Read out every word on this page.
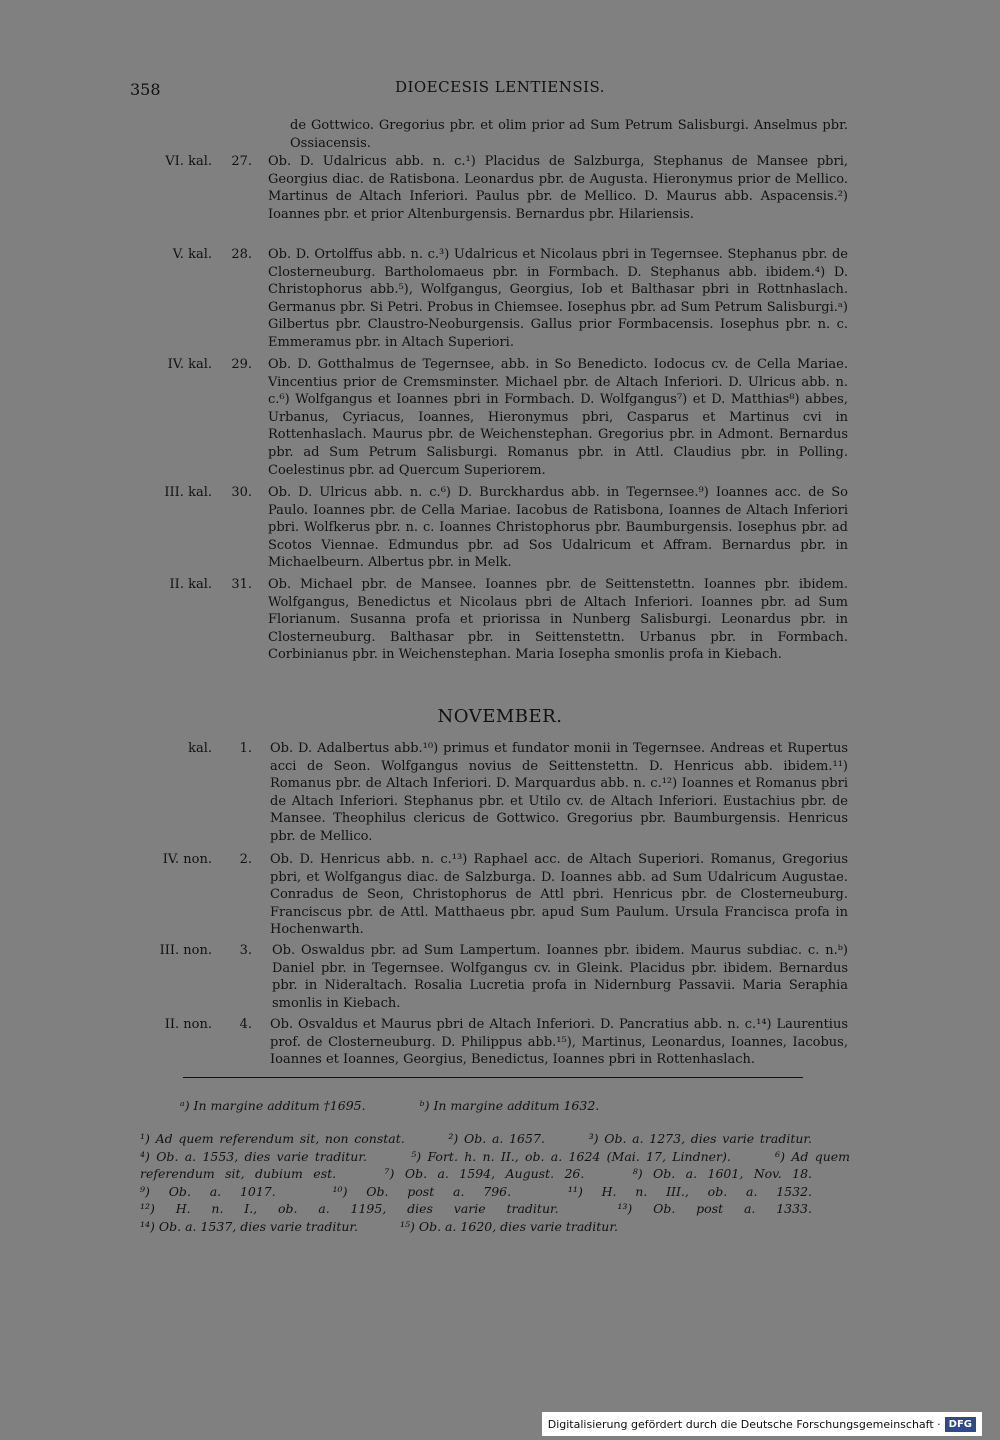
358	DIOECESIS LENTIENSIS.
de Gottwico. Gregorius pbr. et olim prior ad Sum Petrum Salisburgi. Anselmus pbr. Ossiacensis.
VI. kal.	27. Ob. D. Udalricus abb. n. c.¹) Placidus de Salzburga, Stephanus de Mansee pbri, Georgius diac. de Ratisbona. Leonardus pbr. de Augusta. Hieronymus prior de Mellico. Martinus de Altach Inferiori. Paulus pbr. de Mellico. D. Maurus abb. Aspacensis.²) Ioannes pbr. et prior Altenburgensis. Bernardus pbr. Hilariensis.
V. kal.	28. Ob. D. Ortolffus abb. n. c.³) Udalricus et Nicolaus pbri in Tegernsee. Stephanus pbr. de Closterneuburg. Bartholomaeus pbr. in Formbach. D. Stephanus abb. ibidem.⁴) D. Christophorus abb.⁵), Wolfgangus, Georgius, Iob et Balthasar pbri in Rottnhaslach. Germanus pbr. Si Petri. Probus in Chiemsee. Iosephus pbr. ad Sum Petrum Salisburgi.ᵃ) Gilbertus pbr. Claustro-Neoburgensis. Gallus prior Formbacensis. Iosephus pbr. n. c. Emmeramus pbr. in Altach Superiori.
IV. kal.	29. Ob. D. Gotthalmus de Tegernsee, abb. in So Benedicto. Iodocus cv. de Cella Mariae. Vincentius prior de Cremsminster. Michael pbr. de Altach Inferiori. D. Ulricus abb. n. c.⁶) Wolfgangus et Ioannes pbri in Formbach. D. Wolfgangus⁷) et D. Matthias⁸) abbes, Urbanus, Cyriacus, Ioannes, Hieronymus pbri, Casparus et Martinus cvi in Rottenhaslach. Maurus pbr. de Weichenstephan. Gregorius pbr. in Admont. Bernardus pbr. ad Sum Petrum Salisburgi. Romanus pbr. in Attl. Claudius pbr. in Polling. Coelestinus pbr. ad Quercum Superiorem.
III. kal.	30. Ob. D. Ulricus abb. n. c.⁶) D. Burckhardus abb. in Tegernsee.⁹) Ioannes acc. de So Paulo. Ioannes pbr. de Cella Mariae. Iacobus de Ratisbona, Ioannes de Altach Inferiori pbri. Wolfkerus pbr. n. c. Ioannes Christophorus pbr. Baumburgensis. Iosephus pbr. ad Scotos Viennae. Edmundus pbr. ad Sos Udalricum et Affram. Bernardus pbr. in Michaelbeurn. Albertus pbr. in Melk.
II. kal.	31. Ob. Michael pbr. de Mansee. Ioannes pbr. de Seittenstettn. Ioannes pbr. ibidem. Wolfgangus, Benedictus et Nicolaus pbri de Altach Inferiori. Ioannes pbr. ad Sum Florianum. Susanna profa et priorissa in Nunberg Salisburgi. Leonardus pbr. in Closterneuburg. Balthasar pbr. in Seittenstettn. Urbanus pbr. in Formbach. Corbinianus pbr. in Weichenstephan. Maria Iosepha smonlis profa in Kiebach.
NOVEMBER.
kal.	1. Ob. D. Adalbertus abb.¹⁰) primus et fundator monii in Tegernsee. Andreas et Rupertus acci de Seon. Wolfgangus novius de Seittenstettn. D. Henricus abb. ibidem.¹¹) Romanus pbr. de Altach Inferiori. D. Marquardus abb. n. c.¹²) Ioannes et Romanus pbri de Altach Inferiori. Stephanus pbr. et Utilo cv. de Altach Inferiori. Eustachius pbr. de Mansee. Theophilus clericus de Gottwico. Gregorius pbr. Baumburgensis. Henricus pbr. de Mellico.
IV. non.	2. Ob. D. Henricus abb. n. c.¹³) Raphael acc. de Altach Superiori. Romanus, Gregorius pbri, et Wolfgangus diac. de Salzburga. D. Ioannes abb. ad Sum Udalricum Augustae. Conradus de Seon, Christophorus de Attl pbri. Henricus pbr. de Closterneuburg. Franciscus pbr. de Attl. Matthaeus pbr. apud Sum Paulum. Ursula Francisca profa in Hochenwarth.
III. non.	3. Ob. Oswaldus pbr. ad Sum Lampertum. Ioannes pbr. ibidem. Maurus subdiac. c. n.ᵇ) Daniel pbr. in Tegernsee. Wolfgangus cv. in Gleink. Placidus pbr. ibidem. Bernardus pbr. in Nideraltach. Rosalia Lucretia profa in Nidernburg Passavii. Maria Seraphia smonlis in Kiebach.
II. non.	4. Ob. Osvaldus et Maurus pbri de Altach Inferiori. D. Pancratius abb. n. c.¹⁴) Laurentius prof. de Closterneuburg. D. Philippus abb.¹⁵), Martinus, Leonardus, Ioannes, Iacobus, Ioannes et Ioannes, Georgius, Benedictus, Ioannes pbri in Rottenhaslach.
ᵃ) In margine additum †1695.	ᵇ) In margine additum 1632.
¹) Ad quem referendum sit, non constat.	²) Ob. a. 1657.	³) Ob. a. 1273, dies varie traditur. ⁴) Ob. a. 1553, dies varie traditur.	⁵) Fort. h. n. II., ob. a. 1624 (Mai. 17, Lindner).	⁶) Ad quem referendum sit, dubium est.	⁷) Ob. a. 1594, August. 26.	⁸) Ob. a. 1601, Nov. 18. ⁹) Ob. a. 1017.	¹⁰) Ob. post a. 796.	¹¹) H. n. III., ob. a. 1532. ¹²) H. n. I., ob. a. 1195, dies varie traditur.	¹³) Ob. post a. 1333. ¹⁴) Ob. a. 1537, dies varie traditur.	¹⁵) Ob. a. 1620, dies varie traditur.
Digitalisierung gefördert durch die Deutsche Forschungsgemeinschaft · DFG
